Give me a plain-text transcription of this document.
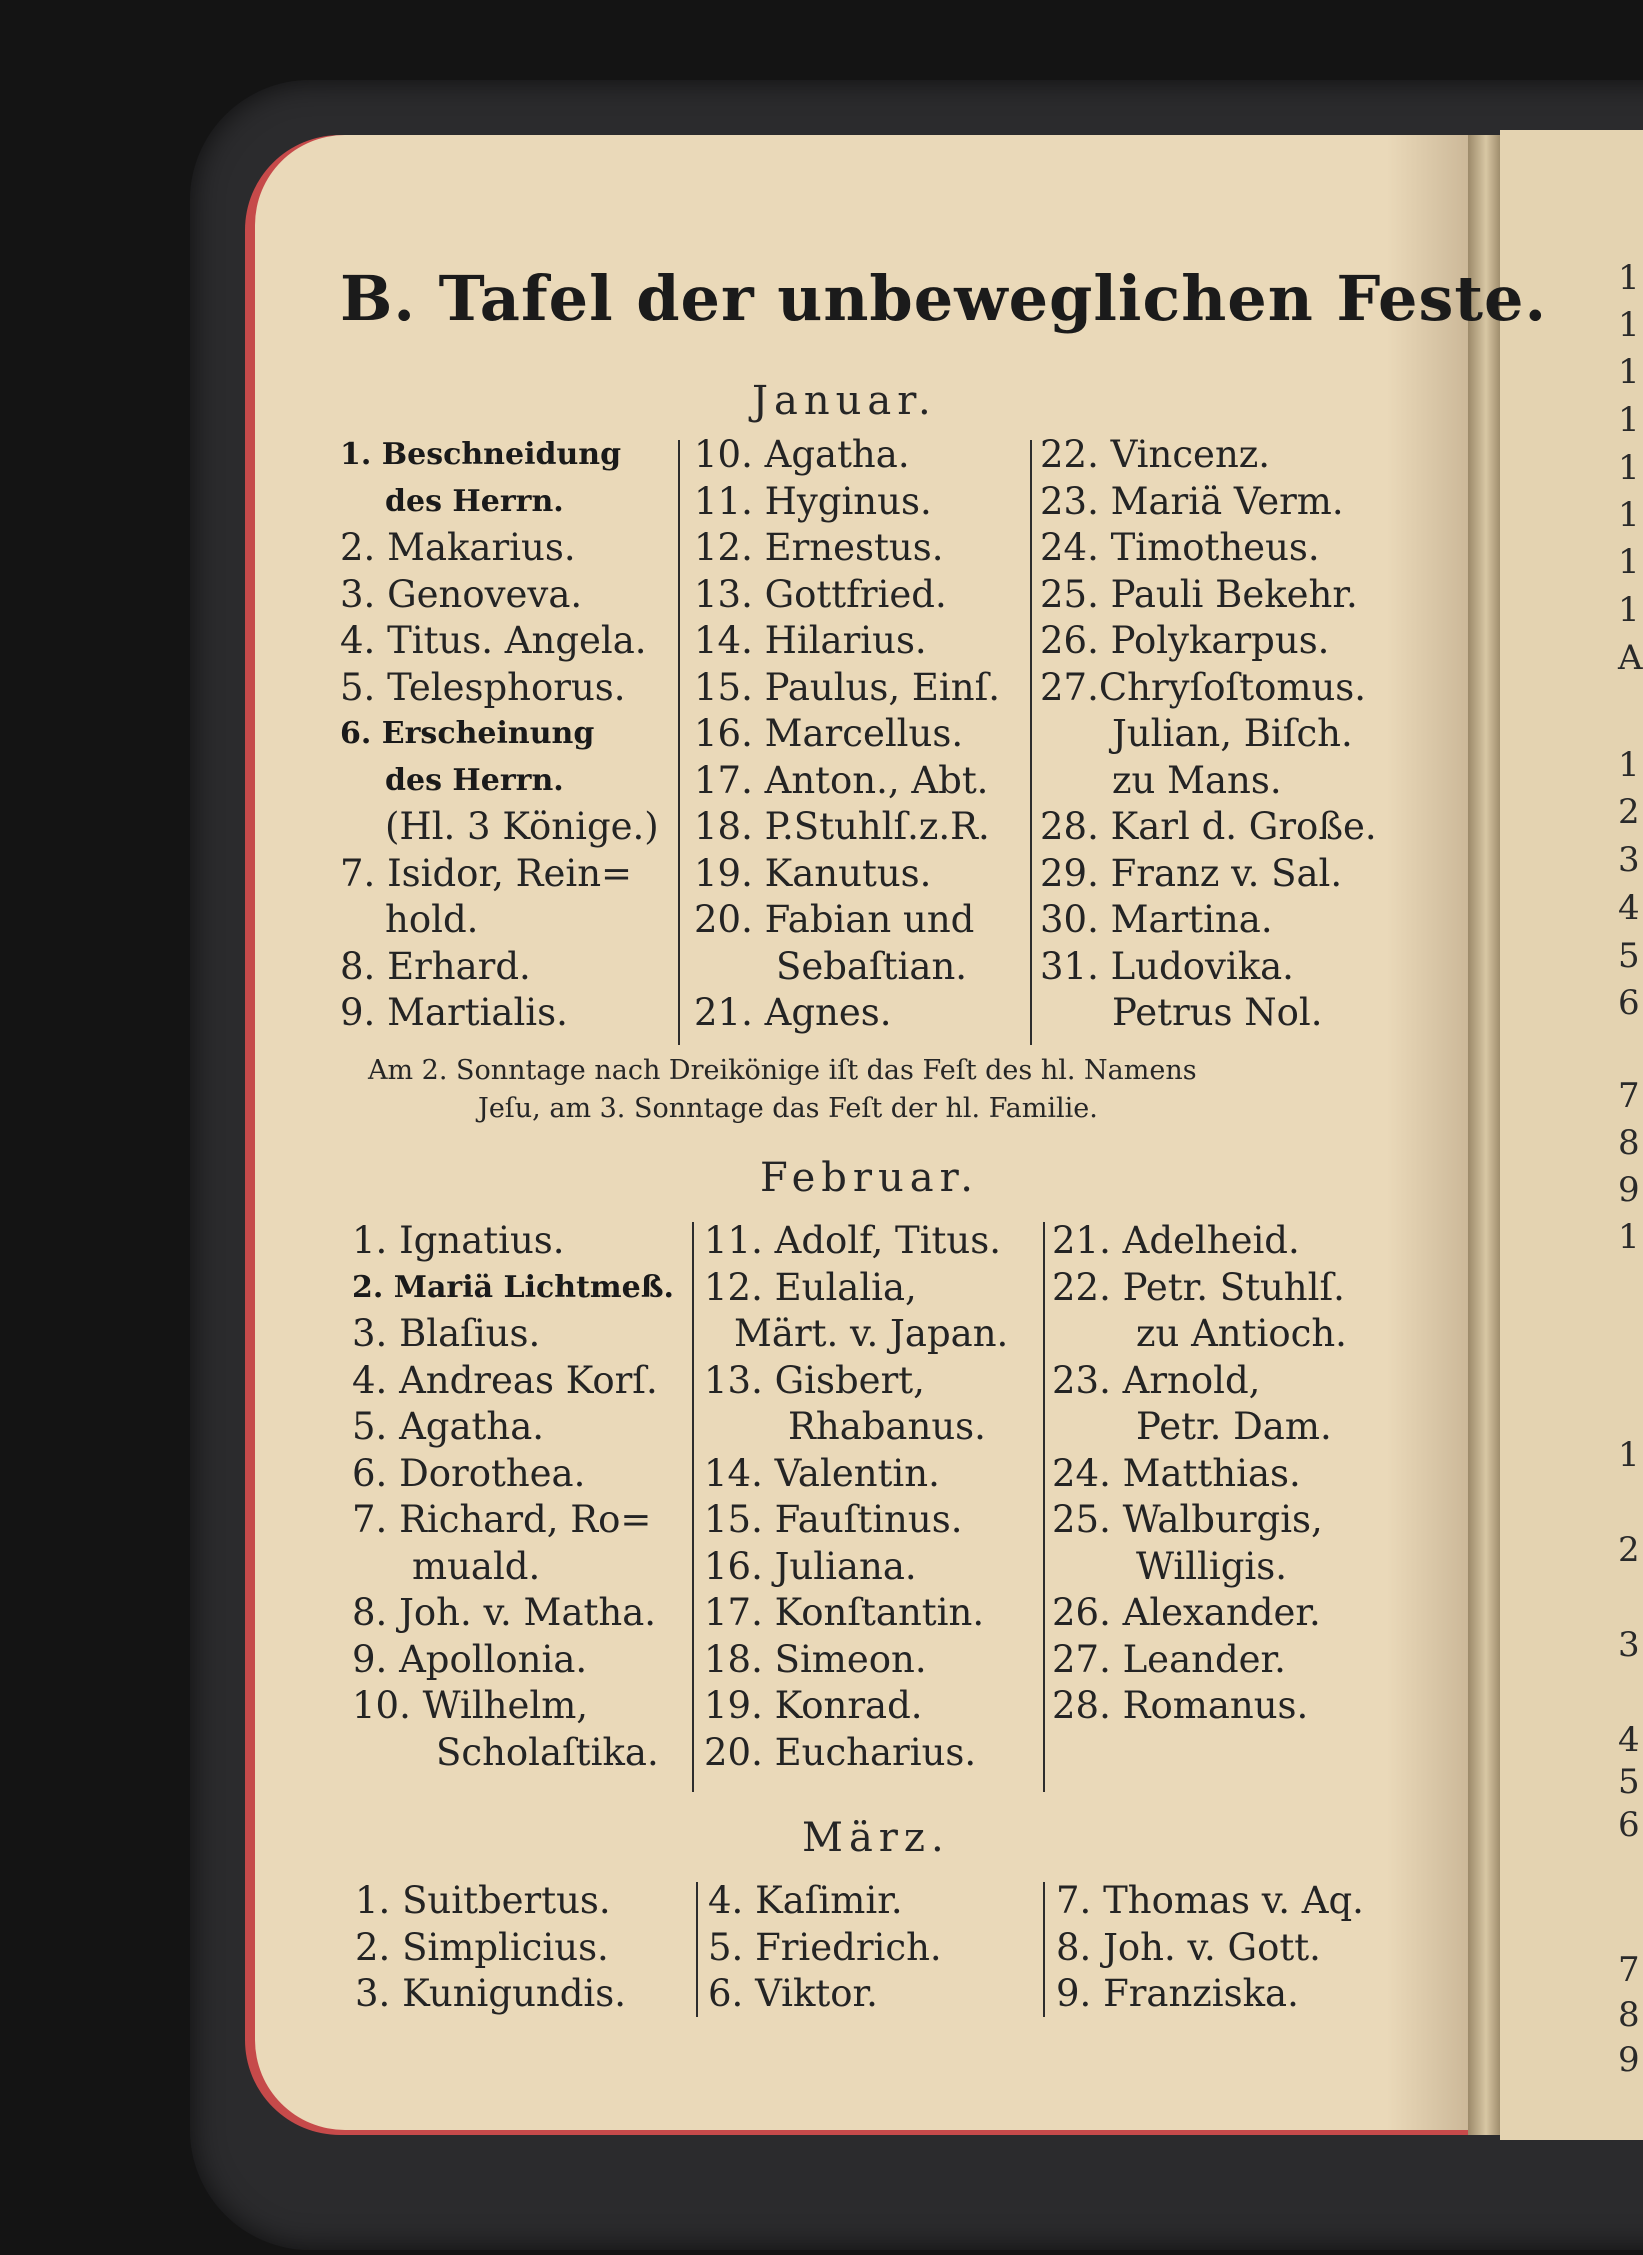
1
1
1
1
1
1
1
1
A
1
2
3
4
5
6
7
8
9
1
1
2
3
4
5
6
7
8
9
B. Tafel der unbeweglichen Feste.
Januar.
1. Beschneidung
des Herrn.
2. Makarius.
3. Genoveva.
4. Titus. Angela.
5. Telesphorus.
6. Erscheinung
des Herrn.
(Hl. 3 Könige.)
7. Isidor, Rein=
hold.
8. Erhard.
9. Martialis.
10. Agatha.
11. Hyginus.
12. Ernestus.
13. Gottfried.
14. Hilarius.
15. Paulus, Einſ.
16. Marcellus.
17. Anton., Abt.
18. P.Stuhlſ.z.R.
19. Kanutus.
20. Fabian und
Sebaſtian.
21. Agnes.
22. Vincenz.
23. Mariä Verm.
24. Timotheus.
25. Pauli Bekehr.
26. Polykarpus.
27.Chryſoſtomus.
Julian, Biſch.
zu Mans.
28. Karl d. Große.
29. Franz v. Sal.
30. Martina.
31. Ludovika.
Petrus Nol.
Am 2. Sonntage nach Dreikönige iſt das Feſt des hl. Namens
Jeſu, am 3. Sonntage das Feſt der hl. Familie.
Februar.
1. Ignatius.
2. Mariä Lichtmeß.
3. Blaſius.
4. Andreas Korſ.
5. Agatha.
6. Dorothea.
7. Richard, Ro=
muald.
8. Joh. v. Matha.
9. Apollonia.
10. Wilhelm,
Scholaſtika.
11. Adolf, Titus.
12. Eulalia,
Märt. v. Japan.
13. Gisbert,
Rhabanus.
14. Valentin.
15. Fauſtinus.
16. Juliana.
17. Konſtantin.
18. Simeon.
19. Konrad.
20. Eucharius.
21. Adelheid.
22. Petr. Stuhlſ.
zu Antioch.
23. Arnold,
Petr. Dam.
24. Matthias.
25. Walburgis,
Willigis.
26. Alexander.
27. Leander.
28. Romanus.
März.
1. Suitbertus.
2. Simplicius.
3. Kunigundis.
4. Kaſimir.
5. Friedrich.
6. Viktor.
7. Thomas v. Aq.
8. Joh. v. Gott.
9. Franziska.
